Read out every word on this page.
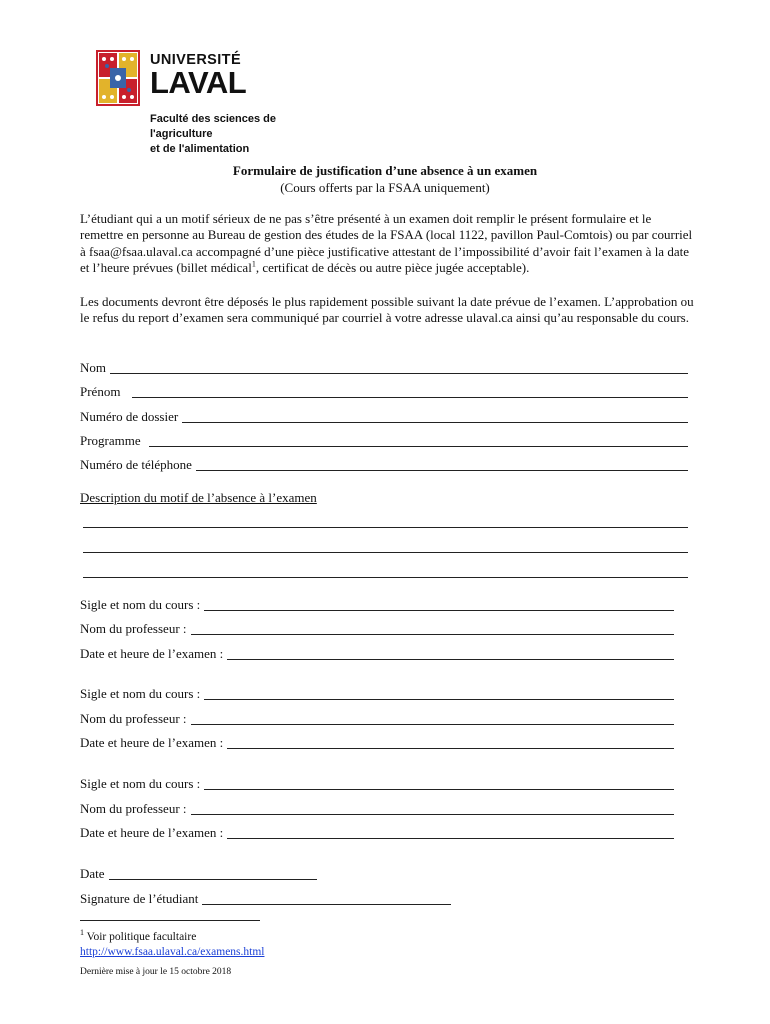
UNIVERSITÉ
LAVAL
Faculté des sciences de l'agriculture
et de l'alimentation
Formulaire de justification d’une absence à un examen
(Cours offerts par la FSAA uniquement)
L’étudiant qui a un motif sérieux de ne pas s’être présenté à un examen doit remplir le présent formulaire et le remettre en personne au Bureau de gestion des études de la FSAA (local 1122, pavillon Paul-Comtois) ou par courriel à fsaa@fsaa.ulaval.ca accompagné d’une pièce justificative attestant de l’impossibilité d’avoir fait l’examen à la date et l’heure prévues (billet médical$^1$, certificat de décès ou autre pièce jugée acceptable).
Les documents devront être déposés le plus rapidement possible suivant la date prévue de l’examen. L’approbation ou le refus du report d’examen sera communiqué par courriel à votre adresse ulaval.ca ainsi qu’au responsable du cours.
Nom
Prénom
Numéro de dossier
Programme
Numéro de téléphone
Description du motif de l’absence à l’examen
Sigle et nom du cours :
Nom du professeur :
Date et heure de l’examen :
Sigle et nom du cours :
Nom du professeur :
Date et heure de l’examen :
Sigle et nom du cours :
Nom du professeur :
Date et heure de l’examen :
Date
Signature de l’étudiant
$^1$ Voir politique facultaire
http://www.fsaa.ulaval.ca/examens.html
Dernière mise à jour le 15 octobre 2018
